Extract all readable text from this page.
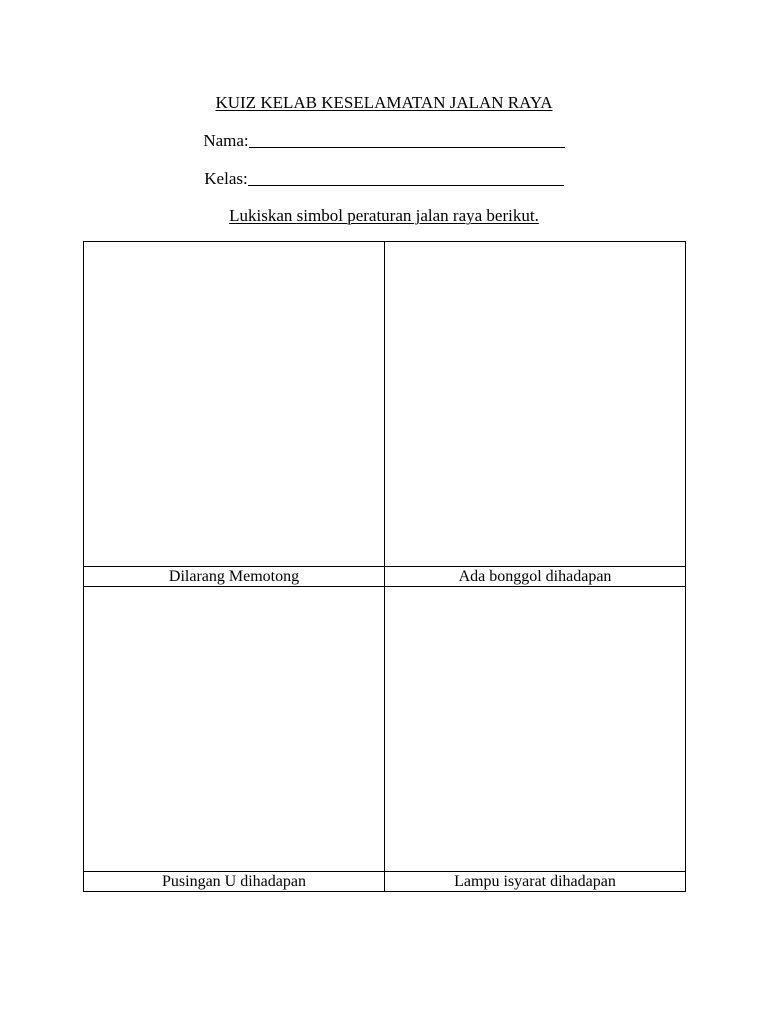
KUIZ KELAB KESELAMATAN JALAN RAYA
Nama:
Kelas:
Lukiskan simbol peraturan jalan raya berikut.

Dilarang Memotong	Ada bonggol dihadapan

Pusingan U dihadapan	Lampu isyarat dihadapan
